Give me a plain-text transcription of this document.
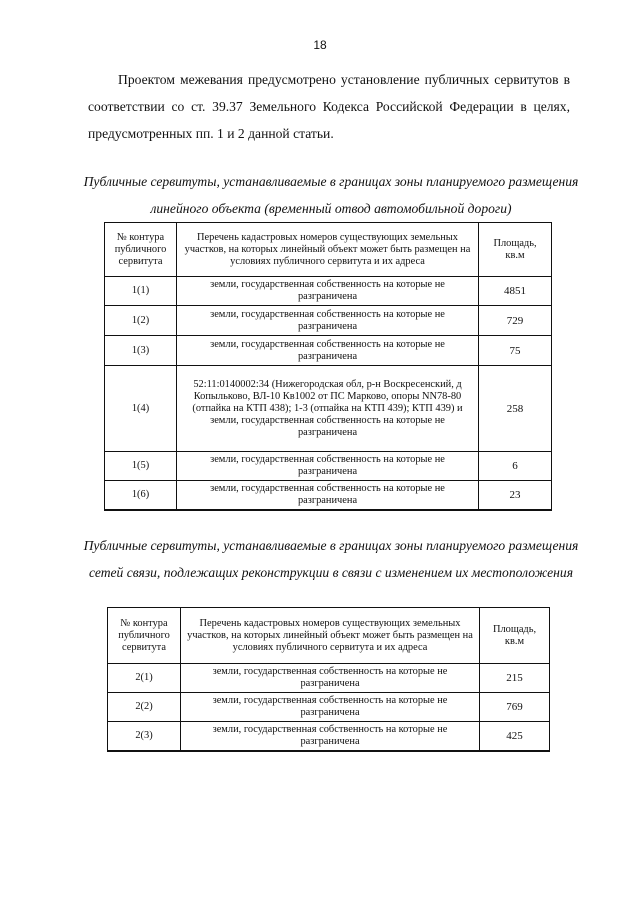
18

Проектом межевания предусмотрено установление публичных сервитутов в соответствии со ст. 39.37 Земельного Кодекса Российской Федерации в целях, предусмотренных пп. 1 и 2 данной статьи.

Публичные сервитуты, устанавливаемые в границах зоны планируемого размещения линейного объекта (временный отвод автомобильной дороги)

№ контура публичного сервитута	Перечень кадастровых номеров существующих земельных участков, на которых линейный объект может быть размещен на условиях публичного сервитута и их адреса	Площадь, кв.м
1(1)	земли, государственная собственность на которые не разграничена	4851
1(2)	земли, государственная собственность на которые не разграничена	729
1(3)	земли, государственная собственность на которые не разграничена	75
1(4)	52:11:0140002:34 (Нижегородская обл, р-н Воскресенский, д Копыльково, ВЛ-10 Кв1002 от ПС Марково, опоры NN78-80 (отпайка на КТП 438); 1-3 (отпайка на КТП 439); КТП 439) и земли, государственная собственность на которые не разграничена	258
1(5)	земли, государственная собственность на которые не разграничена	6
1(6)	земли, государственная собственность на которые не разграничена	23

Публичные сервитуты, устанавливаемые в границах зоны планируемого размещения сетей связи, подлежащих реконструкции в связи с изменением их местоположения

№ контура публичного сервитута	Перечень кадастровых номеров существующих земельных участков, на которых линейный объект может быть размещен на условиях публичного сервитута и их адреса	Площадь, кв.м
2(1)	земли, государственная собственность на которые не разграничена	215
2(2)	земли, государственная собственность на которые не разграничена	769
2(3)	земли, государственная собственность на которые не разграничена	425
